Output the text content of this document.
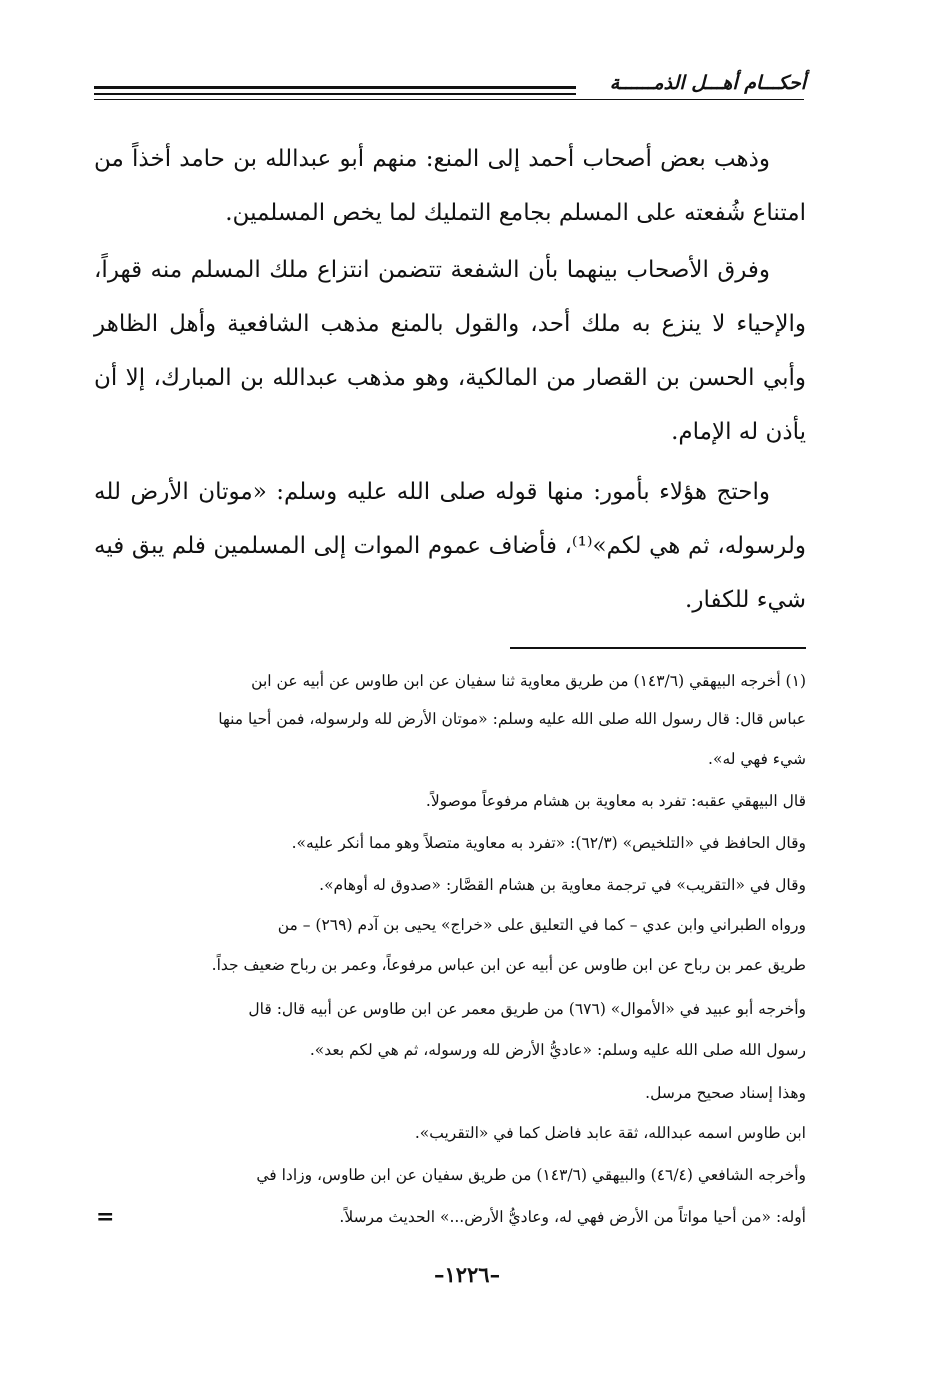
أحكـــام أهـــل الذمــــــة

وذهب بعض أصحاب أحمد إلى المنع: منهم أبو عبدالله بن حامد أخذاً من امتناع شُفعته على المسلم بجامع التمليك لما يخص المسلمين.

وفرق الأصحاب بينهما بأن الشفعة تتضمن انتزاع ملك المسلم منه قهراً، والإحياء لا ينزع به ملك أحد، والقول بالمنع مذهب الشافعية وأهل الظاهر وأبي الحسن بن القصار من المالكية، وهو مذهب عبدالله بن المبارك، إلا أن يأذن له الإمام.

واحتج هؤلاء بأمور: منها قوله صلى الله عليه وسلم: «موتان الأرض لله ولرسوله، ثم هي لكم»⁽¹⁾، فأضاف عموم الموات إلى المسلمين فلم يبق فيه شيء للكفار.

(١) أخرجه البيهقي (١٤٣/٦) من طريق معاوية ثنا سفيان عن ابن طاوس عن أبيه عن ابن
عباس قال: قال رسول الله صلى الله عليه وسلم: «موتان الأرض لله ولرسوله، فمن أحيا منها
شيء فهي له».
قال البيهقي عقبه: تفرد به معاوية بن هشام مرفوعاً موصولاً.
وقال الحافظ في «التلخيص» (٦٢/٣): «تفرد به معاوية متصلاً وهو مما أنكر عليه».
وقال في «التقريب» في ترجمة معاوية بن هشام القصَّار: «صدوق له أوهام».
ورواه الطبراني وابن عدي – كما في التعليق على «خراج» يحيى بن آدم (٢٦٩) – من
طريق عمر بن رباح عن ابن طاوس عن أبيه عن ابن عباس مرفوعاً، وعمر بن رباح ضعيف جداً.
وأخرجه أبو عبيد في «الأموال» (٦٧٦) من طريق معمر عن ابن طاوس عن أبيه قال: قال
رسول الله صلى الله عليه وسلم: «عاديُّ الأرض لله ورسوله، ثم هي لكم بعد».
وهذا إسناد صحيح مرسل.
ابن طاوس اسمه عبدالله، ثقة عابد فاضل كما في «التقريب».
وأخرجه الشافعي (٤٦/٤) والبيهقي (١٤٣/٦) من طريق سفيان عن ابن طاوس، وزادا في
أوله: «من أحيا مواتاً من الأرض فهي له، وعاديُّ الأرض...» الحديث مرسلاً.
=
–١٢٢٦–
